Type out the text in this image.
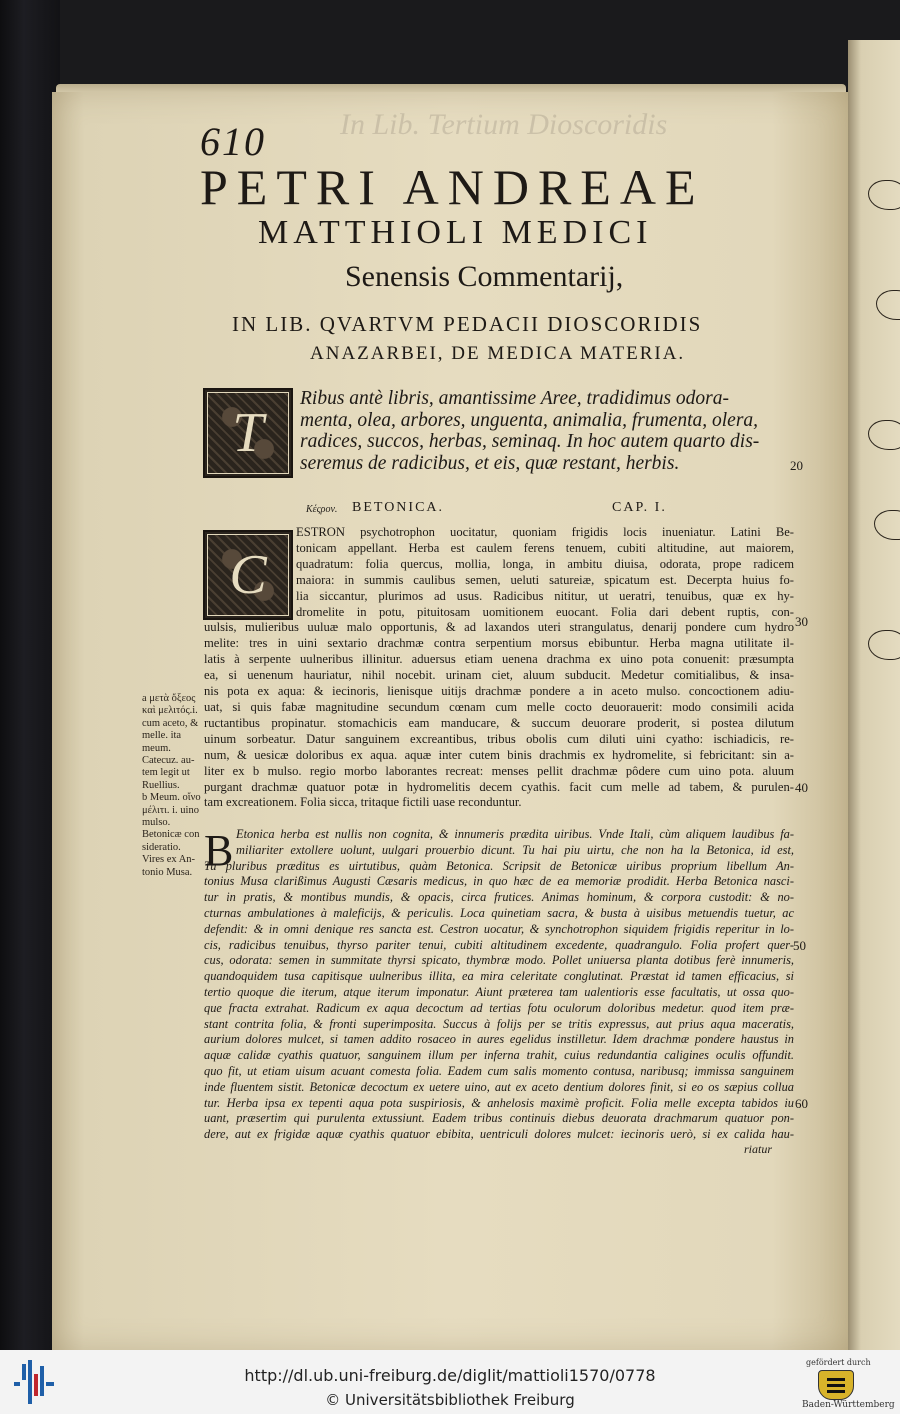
In Lib. Tertium Dioscoridis
610
PETRI ANDREAE
MATTHIOLI MEDICI
Senensis Commentarij,
IN LIB. QVARTVM PEDACII DIOSCORIDIS
ANAZARBEI, DE MEDICA MATERIA.
T
Ribus antè libris, amantissime Aree, tradidimus odora-
menta, olea, arbores, unguenta, animalia, frumenta, olera,
radices, succos, herbas, seminaq. In hoc autem quarto dis-
seremus de radicibus, et eis, quæ restant, herbis.	20
Κέςρον. BETONICA.	CAP. I.
C
ESTRON psychotrophon uocitatur, quoniam frigidis locis inueniatur. Latini Be-
tonicam appellant. Herba est caulem ferens tenuem, cubiti altitudine, aut maiorem,
quadratum: folia quercus, mollia, longa, in ambitu diuisa, odorata, prope radicem
maiora: in summis caulibus semen, ueluti satureiæ, spicatum est. Decerpta huius fo-
lia siccantur, plurimos ad usus. Radicibus nititur, ut ueratri, tenuibus, quæ ex hy-
dromelite in potu, pituitosam uomitionem euocant. Folia dari debent ruptis, con-
uulsis, mulieribus uuluæ malo opportunis, & ad laxandos uteri strangulatus, denarij pondere cum hydro
melite: tres in uini sextario drachmæ contra serpentium morsus ebibuntur. Herba magna utilitate il-
latis à serpente uulneribus illinitur. aduersus etiam uenena drachma ex uino pota conuenit: præsumpta
ea, si uenenum hauriatur, nihil nocebit. urinam ciet, aluum subducit. Medetur comitialibus, & insa-
nis pota ex aqua: & iecinoris, lienisque uitijs drachmæ pondere a in aceto mulso. concoctionem adiu-
uat, si quis fabæ magnitudine secundum cœnam cum melle cocto deuorauerit: modo consimili acida
ructantibus propinatur. stomachicis eam manducare, & succum deuorare proderit, si postea dilutum
uinum sorbeatur. Datur sanguinem excreantibus, tribus obolis cum diluti uini cyatho: ischiadicis, re-
num, & uesicæ doloribus ex aqua. aquæ inter cutem binis drachmis ex hydromelite, si febricitant: sin a-
liter ex b mulso. regio morbo laborantes recreat: menses pellit drachmæ pôdere cum uino pota. aluum
purgant drachmæ quatuor potæ in hydromelitis decem cyathis. facit cum melle ad tabem, & purulen-
tam excreationem. Folia sicca, tritaque fictili uase reconduntur.
30
40
a μετὰ ὄξεος
καὶ μελιτός.i.
cum aceto, &
melle. ita
meum.
Catecuz. au-
tem legit ut
Ruellius.
b Meum. οἴνο
μέλιτι. i. uino
mulso.
Betonicæ con
sideratio.
Vires ex An-
tonio Musa. B Etonica herba est nullis non cognita, & innumeris prædita uiribus. Vnde Itali, cùm aliquem laudibus fa-
miliariter extollere uolunt, uulgari prouerbio dicunt. Tu hai piu uirtu, che non ha la Betonica, id est,
Tu pluribus præditus es uirtutibus, quàm Betonica. Scripsit de Betonicæ uiribus proprium libellum An-
tonius Musa clarißimus Augusti Cæsaris medicus, in quo hæc de ea memoriæ prodidit. Herba Betonica nasci-
tur in pratis, & montibus mundis, & opacis, circa frutices. Animas hominum, & corpora custodit: & no-
cturnas ambulationes à maleficijs, & periculis. Loca quinetiam sacra, & busta à uisibus metuendis tuetur, ac
defendit: & in omni denique res sancta est. Cestron uocatur, & synchotrophon siquidem frigidis reperitur in lo-
cis, radicibus tenuibus, thyrso pariter tenui, cubiti altitudinem excedente, quadrangulo. Folia profert quer-
cus, odorata: semen in summitate thyrsi spicato, thymbræ modo. Pollet uniuersa planta dotibus ferè innumeris,
quandoquidem tusa capitisque uulneribus illita, ea mira celeritate conglutinat. Præstat id tamen efficacius, si
tertio quoque die iterum, atque iterum imponatur. Aiunt præterea tam ualentioris esse facultatis, ut ossa quo-
que fracta extrahat. Radicum ex aqua decoctum ad tertias fotu oculorum doloribus medetur. quod item præ-
stant contrita folia, & fronti superimposita. Succus à folijs per se tritis expressus, aut prius aqua maceratis,
aurium dolores mulcet, si tamen addito rosaceo in aures egelidus instilletur. Idem drachmæ pondere haustus in
aquæ calidæ cyathis quatuor, sanguinem illum per inferna trahit, cuius redundantia caligines oculis offundit.
quo fit, ut etiam uisum acuant comesta folia. Eadem cum salis momento contusa, naribusq; immissa sanguinem
inde fluentem sistit. Betonicæ decoctum ex uetere uino, aut ex aceto dentium dolores finit, si eo os sæpius collua
tur. Herba ipsa ex tepenti aqua pota suspiriosis, & anhelosis maximè proficit. Folia melle excepta tabidos iu
uant, præsertim qui purulenta extussiunt. Eadem tribus continuis diebus deuorata drachmarum quatuor pon-
dere, aut ex frigidæ aquæ cyathis quatuor ebibita, uentriculi dolores mulcet: iecinoris uerò, si ex calida hau-
riatur
50
60
http://dl.ub.uni-freiburg.de/diglit/mattioli1570/0778
© Universitätsbibliothek Freiburg
gefördert durch
Baden-Württemberg
